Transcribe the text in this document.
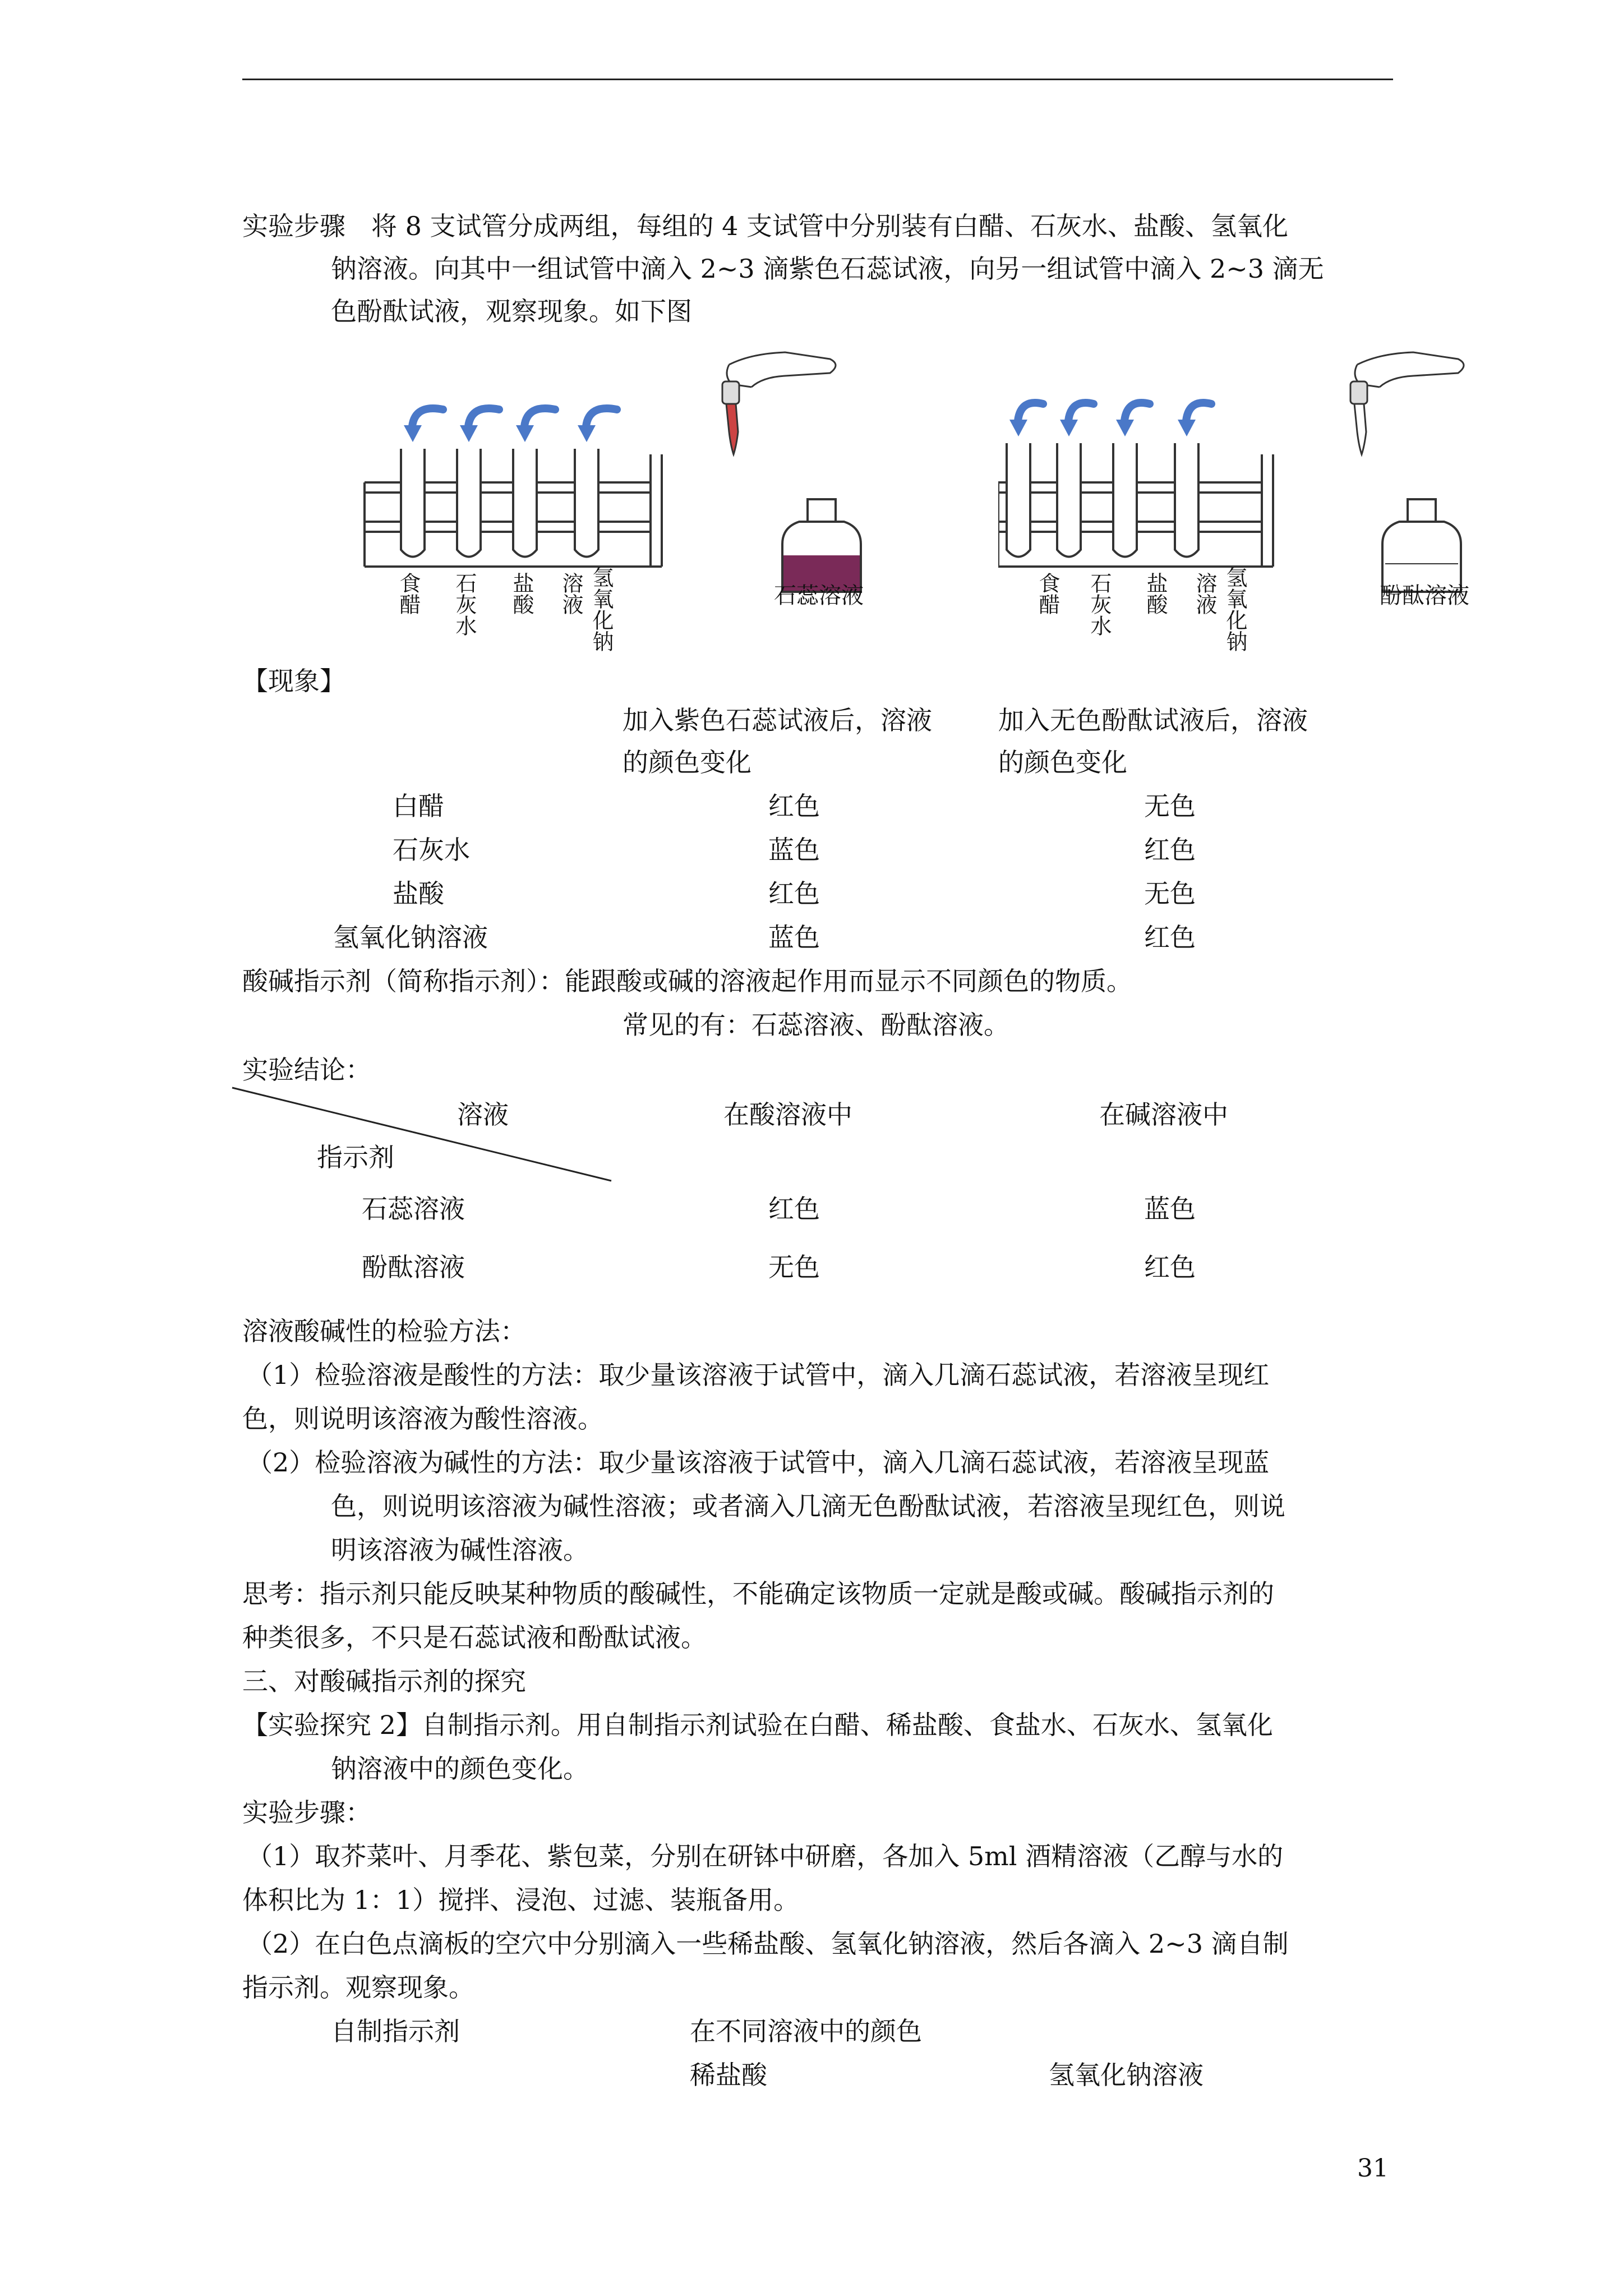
实验步骤 将 8 支试管分成两组，每组的 4 支试管中分别装有白醋、石灰水、盐酸、氢氧化
钠溶液。向其中一组试管中滴入 2~3 滴紫色石蕊试液，向另一组试管中滴入 2~3 滴无
色酚酞试液，观察现象。如下图
食醋 石灰水 盐酸 溶液 氢氧化钠	石蕊溶液	食醋 石灰水 盐酸 溶液 氢氧化钠	酚酞溶液
【现象】
加入紫色石蕊试液后，溶液
的颜色变化
加入无色酚酞试液后，溶液
的颜色变化
白醋	红色	无色
石灰水	蓝色	红色
盐酸	红色	无色
氢氧化钠溶液	蓝色	红色
酸碱指示剂（简称指示剂）：能跟酸或碱的溶液起作用而显示不同颜色的物质。
常见的有：石蕊溶液、酚酞溶液。
实验结论：
溶液
指示剂
在酸溶液中	在碱溶液中
石蕊溶液	红色	蓝色
酚酞溶液	无色	红色
溶液酸碱性的检验方法：
（1）检验溶液是酸性的方法：取少量该溶液于试管中，滴入几滴石蕊试液，若溶液呈现红
色，则说明该溶液为酸性溶液。
（2）检验溶液为碱性的方法：取少量该溶液于试管中，滴入几滴石蕊试液，若溶液呈现蓝
色，则说明该溶液为碱性溶液；或者滴入几滴无色酚酞试液，若溶液呈现红色，则说
明该溶液为碱性溶液。
思考：指示剂只能反映某种物质的酸碱性，不能确定该物质一定就是酸或碱。酸碱指示剂的
种类很多，不只是石蕊试液和酚酞试液。
三、对酸碱指示剂的探究
【实验探究 2】自制指示剂。用自制指示剂试验在白醋、稀盐酸、食盐水、石灰水、氢氧化
钠溶液中的颜色变化。
实验步骤：
（1）取芥菜叶、月季花、紫包菜，分别在研钵中研磨，各加入 5ml 酒精溶液（乙醇与水的
体积比为 1：1）搅拌、浸泡、过滤、装瓶备用。
（2）在白色点滴板的空穴中分别滴入一些稀盐酸、氢氧化钠溶液，然后各滴入 2~3 滴自制
指示剂。观察现象。
自制指示剂	在不同溶液中的颜色
稀盐酸	氢氧化钠溶液
31
